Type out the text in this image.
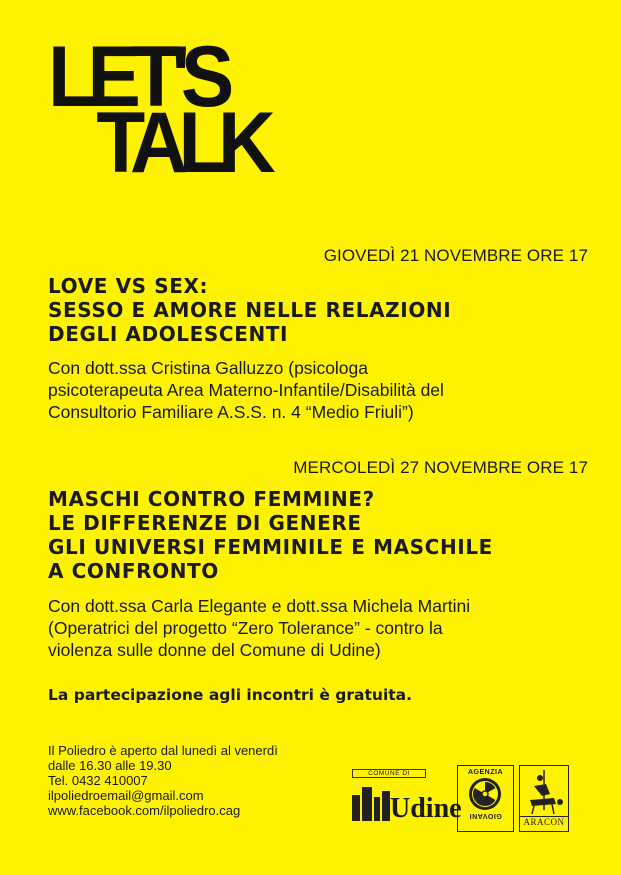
LET'S
TALK
GIOVEDÌ 21 NOVEMBRE ORE 17
LOVE VS SEX:
SESSO E AMORE NELLE RELAZIONI
DEGLI ADOLESCENTI
Con dott.ssa Cristina Galluzzo (psicologa
psicoterapeuta Area Materno-Infantile/Disabilità del
Consultorio Familiare A.S.S. n. 4 “Medio Friuli”)
MERCOLEDÌ 27 NOVEMBRE ORE 17
MASCHI CONTRO FEMMINE?
LE DIFFERENZE DI GENERE
GLI UNIVERSI FEMMINILE E MASCHILE
A CONFRONTO
Con dott.ssa Carla Elegante e dott.ssa Michela Martini
(Operatrici del progetto “Zero Tolerance” - contro la
violenza sulle donne del Comune di Udine)
La partecipazione agli incontri è gratuita.
Il Poliedro è aperto dal lunedì al venerdì
dalle 16.30 alle 19.30
Tel. 0432 410007
ilpoliedroemail@gmail.com
www.facebook.com/ilpoliedro.cag
COMUNE DI
Udine
AGENZIA
GIOVANI
ARACON
